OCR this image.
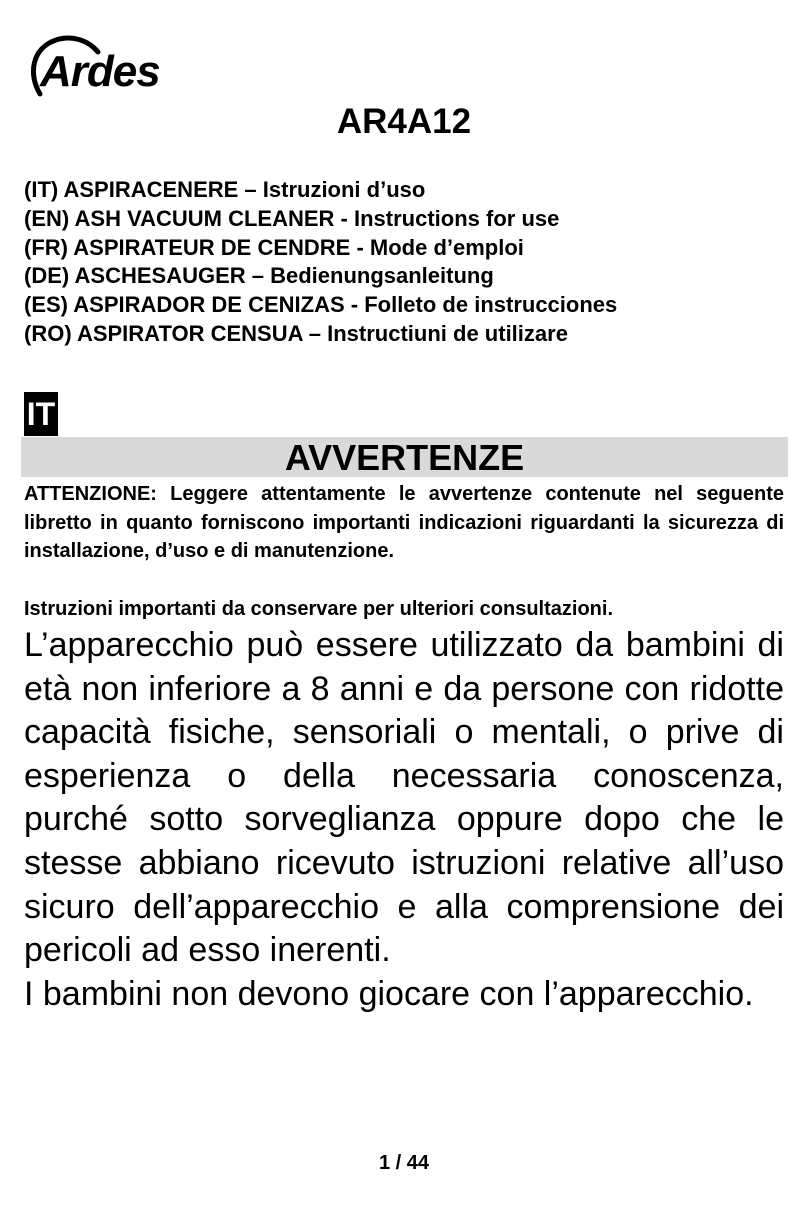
Ardes
AR4A12
(IT) ASPIRACENERE – Istruzioni d’uso
(EN) ASH VACUUM CLEANER - Instructions for use
(FR) ASPIRATEUR DE CENDRE - Mode d’emploi
(DE) ASCHESAUGER – Bedienungsanleitung
(ES) ASPIRADOR DE CENIZAS - Folleto de instrucciones
(RO) ASPIRATOR CENSUA – Instructiuni de utilizare
IT
AVVERTENZE

ATTENZIONE: Leggere attentamente le avvertenze contenute nel seguente libretto in quanto forniscono importanti indicazioni riguardanti la sicurezza di installazione, d’uso e di manutenzione.

Istruzioni importanti da conservare per ulteriori consultazioni.

L’apparecchio può essere utilizzato da bambini di età non inferiore a 8 anni e da persone con ridotte capacità fisiche, sensoriali o mentali, o prive di esperienza o della necessaria conoscenza, purché sotto sorveglianza oppure dopo che le stesse abbiano ricevuto istruzioni relative all’uso sicuro dell’apparecchio e alla comprensione dei pericoli ad esso inerenti.

I bambini non devono giocare con l’apparecchio.

1 / 44
